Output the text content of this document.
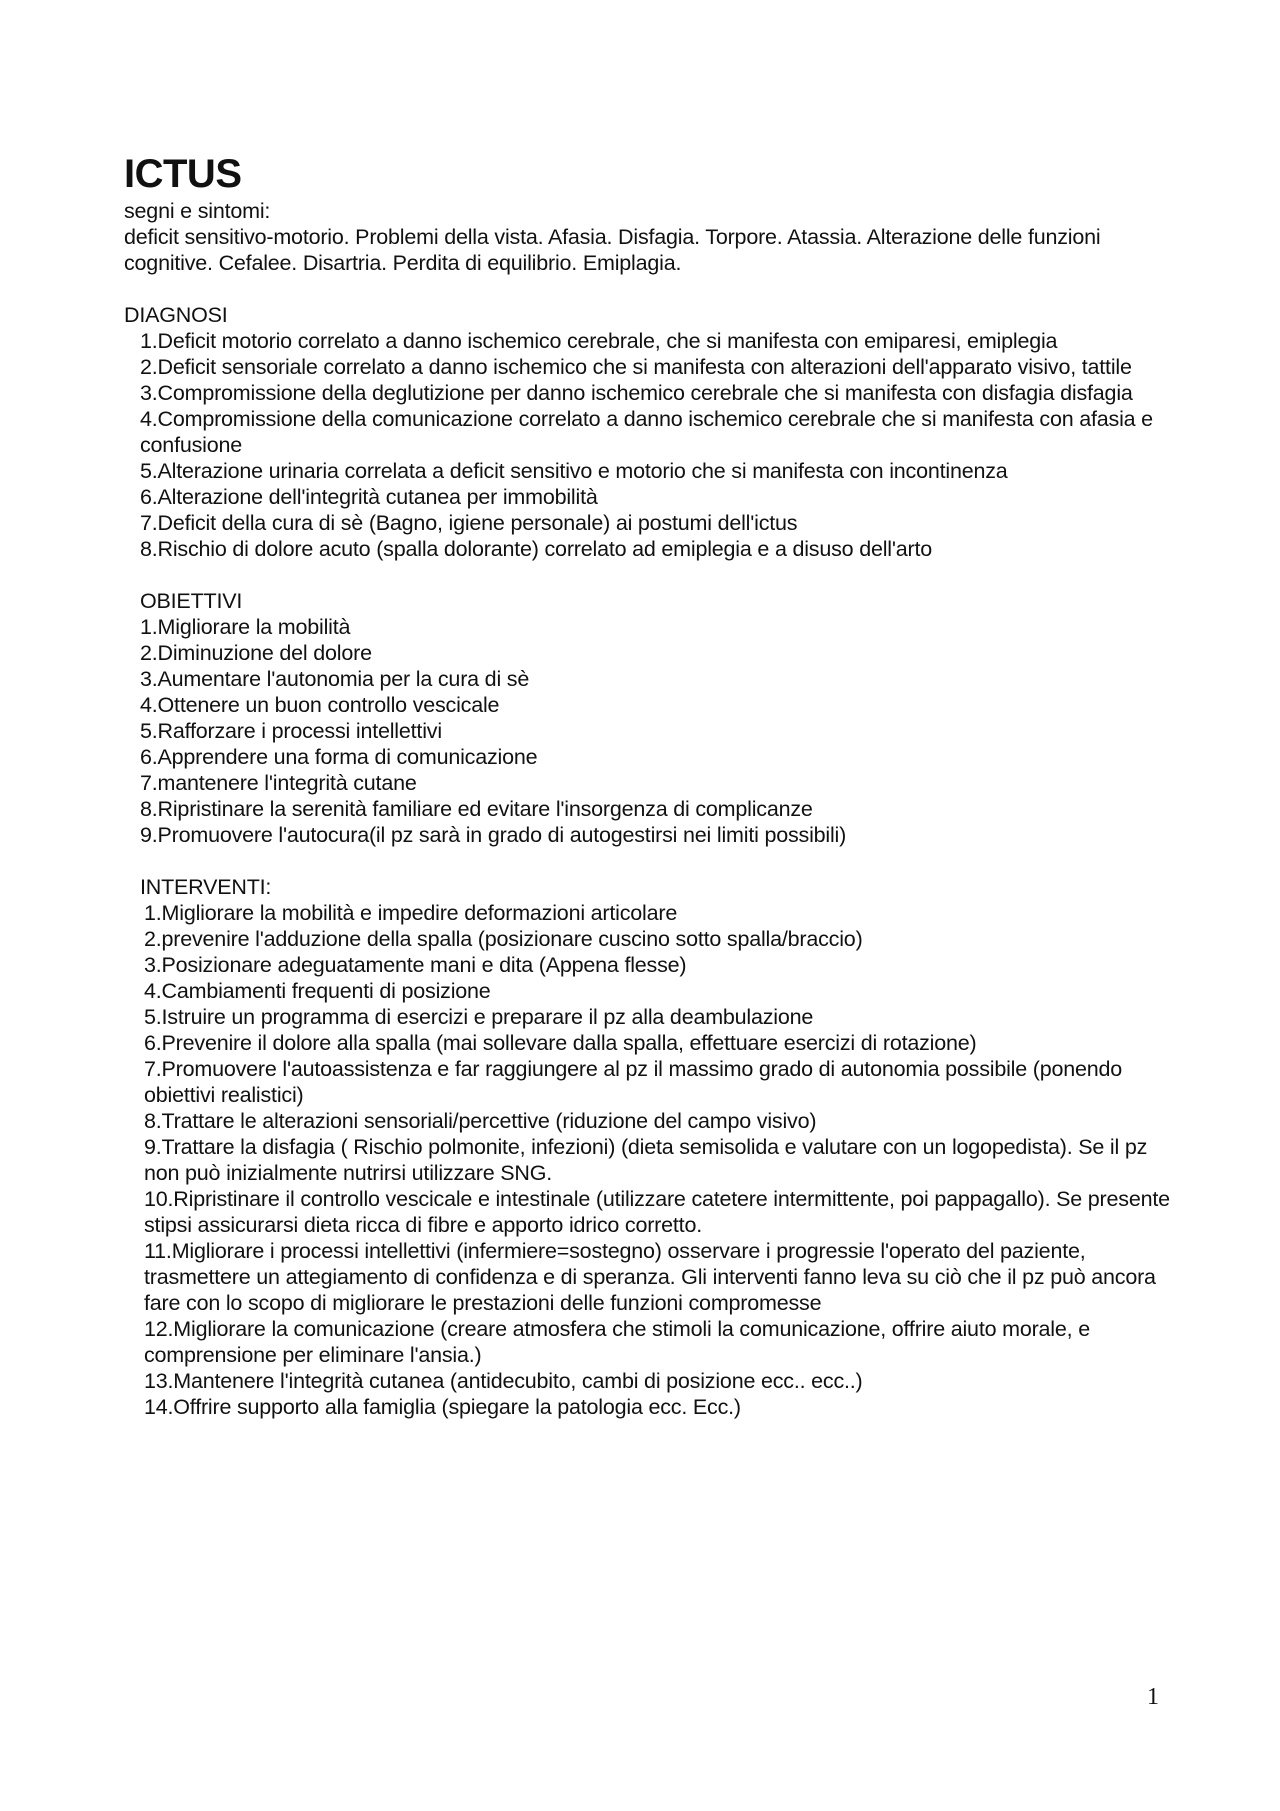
ICTUS

segni e sintomi:

deficit sensitivo-motorio. Problemi della vista. Afasia. Disfagia. Torpore. Atassia. Alterazione delle funzioni cognitive. Cefalee. Disartria. Perdita di equilibrio. Emiplagia.

DIAGNOSI

1.Deficit motorio correlato a danno ischemico cerebrale, che si manifesta con emiparesi, emiplegia
2.Deficit sensoriale correlato a danno ischemico che si manifesta con alterazioni dell'apparato visivo, tattile
3.Compromissione della deglutizione per danno ischemico cerebrale che si manifesta con disfagia disfagia
4.Compromissione della comunicazione correlato a danno ischemico cerebrale che si manifesta con afasia e confusione
5.Alterazione urinaria correlata a deficit sensitivo e motorio che si manifesta con incontinenza
6.Alterazione dell'integrità cutanea per immobilità
7.Deficit della cura di sè (Bagno, igiene personale) ai postumi dell'ictus
8.Rischio di dolore acuto (spalla dolorante) correlato ad emiplegia e a disuso dell'arto

OBIETTIVI

1.Migliorare la mobilità
2.Diminuzione del dolore
3.Aumentare l'autonomia per la cura di sè
4.Ottenere un buon controllo vescicale
5.Rafforzare i processi intellettivi
6.Apprendere una forma di comunicazione
7.mantenere l'integrità cutane
8.Ripristinare la serenità familiare ed evitare l'insorgenza di complicanze
9.Promuovere l'autocura(il pz sarà in grado di autogestirsi nei limiti possibili)

INTERVENTI:

1.Migliorare la mobilità e impedire deformazioni articolare
2.prevenire l'adduzione della spalla (posizionare cuscino sotto spalla/braccio)
3.Posizionare adeguatamente mani e dita (Appena flesse)
4.Cambiamenti frequenti di posizione
5.Istruire un programma di esercizi e preparare il pz alla deambulazione
6.Prevenire il dolore alla spalla (mai sollevare dalla spalla, effettuare esercizi di rotazione)
7.Promuovere l'autoassistenza e far raggiungere al pz il massimo grado di autonomia possibile (ponendo obiettivi realistici)
8.Trattare le alterazioni sensoriali/percettive (riduzione del campo visivo)
9.Trattare la disfagia ( Rischio polmonite, infezioni) (dieta semisolida e valutare con un logopedista). Se il pz non può inizialmente nutrirsi utilizzare SNG.
10.Ripristinare il controllo vescicale e intestinale (utilizzare catetere intermittente, poi pappagallo). Se presente stipsi assicurarsi dieta ricca di fibre e apporto idrico corretto.
11.Migliorare i processi intellettivi (infermiere=sostegno) osservare i progressie l'operato del paziente, trasmettere un attegiamento di confidenza e di speranza. Gli interventi fanno leva su ciò che il pz può ancora fare con lo scopo di migliorare le prestazioni delle funzioni compromesse
12.Migliorare la comunicazione (creare atmosfera che stimoli la comunicazione, offrire aiuto morale, e comprensione per eliminare l'ansia.)
13.Mantenere l'integrità cutanea (antidecubito, cambi di posizione ecc.. ecc..)
14.Offrire supporto alla famiglia (spiegare la patologia ecc. Ecc.)
1
